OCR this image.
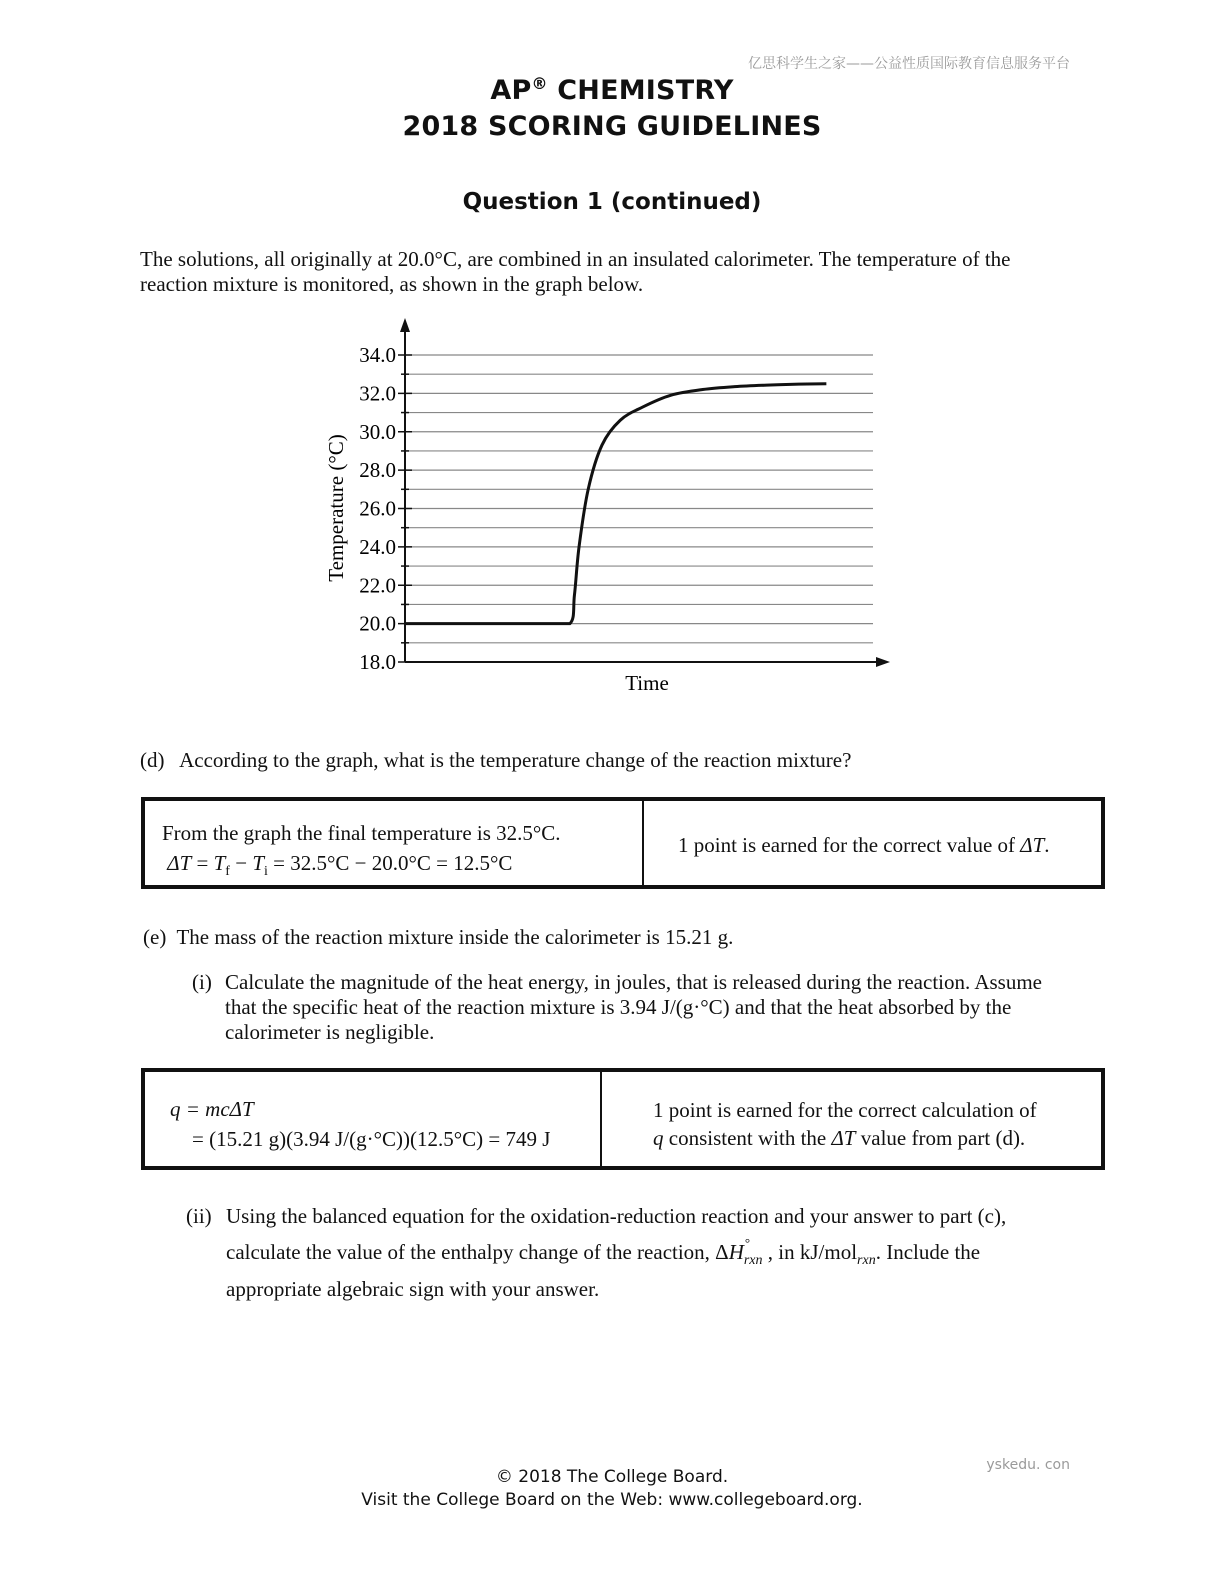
亿思科学生之家——公益性质国际教育信息服务平台
AP® CHEMISTRY
2018 SCORING GUIDELINES
Question 1 (continued)
The solutions, all originally at 20.0°C, are combined in an insulated calorimeter. The temperature of the
reaction mixture is monitored, as shown in the graph below.
18.0
20.0
22.0
24.0
26.0
28.0
30.0
32.0
34.0
Time
Temperature (°C)
(d) According to the graph, what is the temperature change of the reaction mixture?
From the graph the final temperature is 32.5°C.
$\Delta T = T_f - T_i = 32.5^\circ C - 20.0^\circ C = 12.5^\circ C$
1 point is earned for the correct value of ΔT.
(e) The mass of the reaction mixture inside the calorimeter is 15.21 g.
(i) Calculate the magnitude of the heat energy, in joules, that is released during the reaction. Assume
that the specific heat of the reaction mixture is 3.94 J/(g·°C) and that the heat absorbed by the
calorimeter is negligible.
q = mcΔT
= (15.21 g)(3.94 J/(g·°C))(12.5°C) = 749 J
1 point is earned for the correct calculation of
q consistent with the ΔT value from part (d).
(ii) Using the balanced equation for the oxidation-reduction reaction and your answer to part (c),
calculate the value of the enthalpy change of the reaction, ΔH °
$_{rxn}$ , in kJ/mol$_{rxn}$. Include the
appropriate algebraic sign with your answer.
© 2018 The College Board.
Visit the College Board on the Web: www.collegeboard.org.
yskedu. con
